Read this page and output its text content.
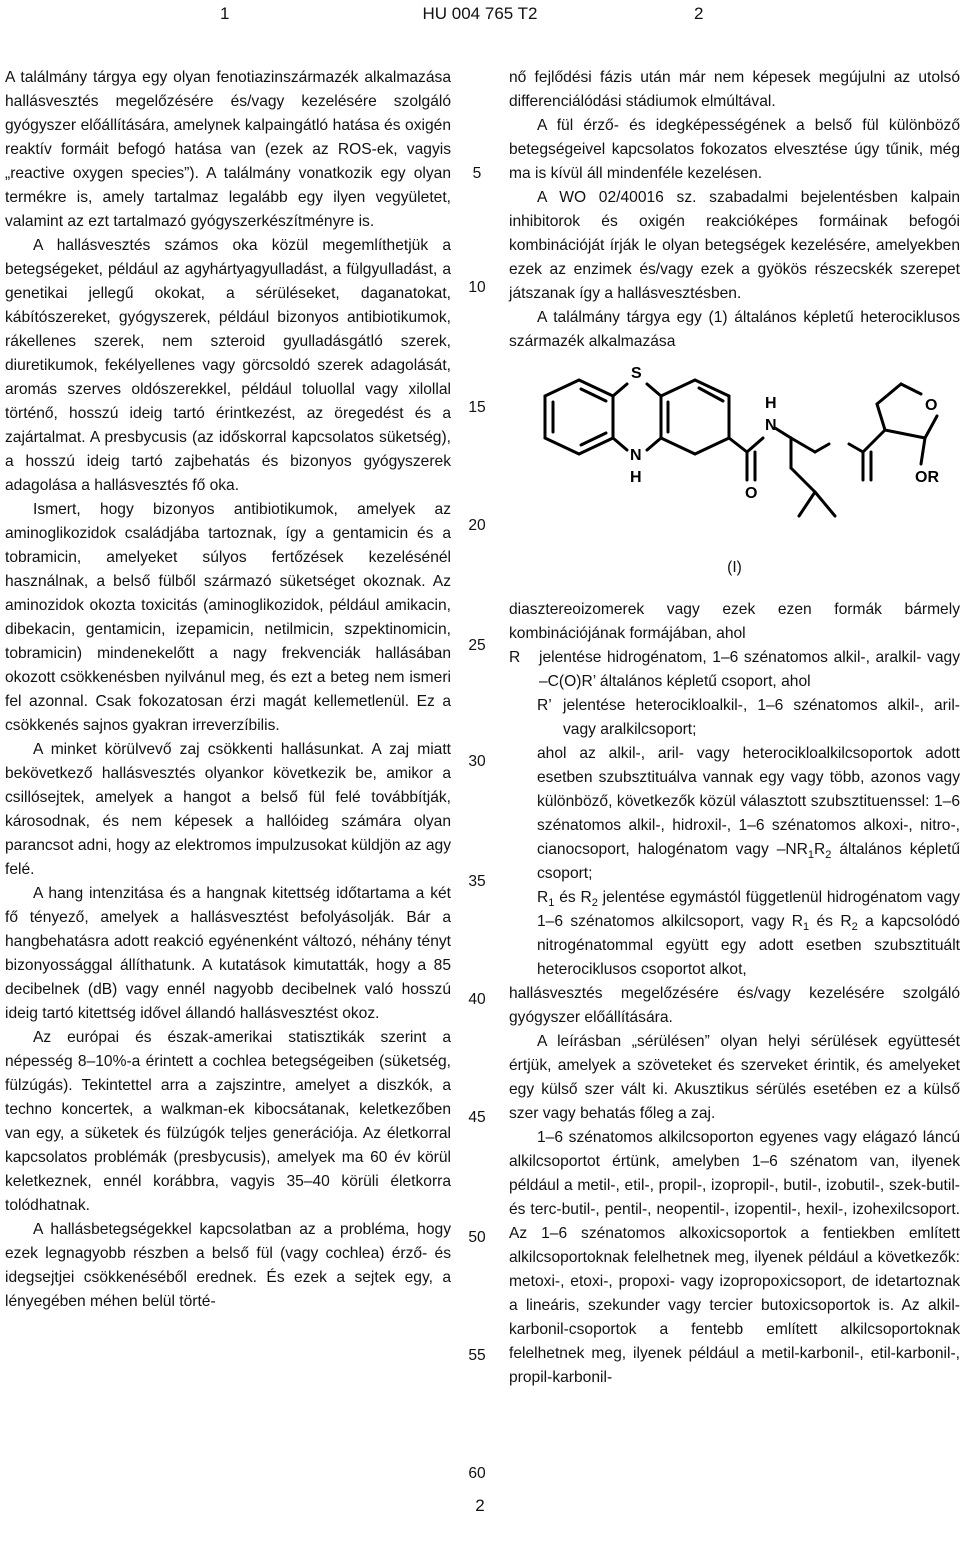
1	HU 004 765 T2	2

A találmány tárgya egy olyan fenotiazinszármazék alkalmazása hallásvesztés megelőzésére és/vagy kezelésére szolgáló gyógyszer előállítására, amelynek kalpaingátló hatása és oxigén reaktív formáit befogó hatása van (ezek az ROS-ek, vagyis „reactive oxygen species”). A találmány vonatkozik egy olyan termékre is, amely tartalmaz legalább egy ilyen vegyületet, valamint az ezt tartalmazó gyógyszerkészítményre is.

A hallásvesztés számos oka közül megemlíthetjük a betegségeket, például az agyhártyagyulladást, a fülgyulladást, a genetikai jellegű okokat, a sérüléseket, daganatokat, kábítószereket, gyógyszerek, például bizonyos antibiotikumok, rákellenes szerek, nem szteroid gyulladásgátló szerek, diuretikumok, fekélyellenes vagy görcsoldó szerek adagolását, aromás szerves oldószerekkel, például toluollal vagy xilollal történő, hosszú ideig tartó érintkezést, az öregedést és a zajártalmat. A presbycusis (az időskorral kapcsolatos süketség), a hosszú ideig tartó zajbehatás és bizonyos gyógyszerek adagolása a hallásvesztés fő oka.

Ismert, hogy bizonyos antibiotikumok, amelyek az aminoglikozidok családjába tartoznak, így a gentamicin és a tobramicin, amelyeket súlyos fertőzések kezelésénél használnak, a belső fülből származó süketséget okoznak. Az aminozidok okozta toxicitás (aminoglikozidok, például amikacin, dibekacin, gentamicin, izepamicin, netilmicin, szpektinomicin, tobramicin) mindenekelőtt a nagy frekvenciák hallásában okozott csökkenésben nyilvánul meg, és ezt a beteg nem ismeri fel azonnal. Csak fokozatosan érzi magát kellemetlenül. Ez a csökkenés sajnos gyakran irreverzíbilis.

A minket körülvevő zaj csökkenti hallásunkat. A zaj miatt bekövetkező hallásvesztés olyankor következik be, amikor a csillósejtek, amelyek a hangot a belső fül felé továbbítják, károsodnak, és nem képesek a hallóideg számára olyan parancsot adni, hogy az elektromos impulzusokat küldjön az agy felé.

A hang intenzitása és a hangnak kitettség időtartama a két fő tényező, amelyek a hallásvesztést befolyásolják. Bár a hangbehatásra adott reakció egyénenként változó, néhány tényt bizonyossággal állíthatunk. A kutatások kimutatták, hogy a 85 decibelnek (dB) vagy ennél nagyobb decibelnek való hosszú ideig tartó kitettség idővel állandó hallásvesztést okoz.

Az európai és észak-amerikai statisztikák szerint a népesség 8–10%-a érintett a cochlea betegségeiben (süketség, fülzúgás). Tekintettel arra a zajszintre, amelyet a diszkók, a techno koncertek, a walkman-ek kibocsátanak, keletkezőben van egy, a süketek és fülzúgók teljes generációja. Az életkorral kapcsolatos problémák (presbycusis), amelyek ma 60 év körül keletkeznek, ennél korábbra, vagyis 35–40 körüli életkorra tolódhatnak.

A hallásbetegségekkel kapcsolatban az a probléma, hogy ezek legnagyobb részben a belső fül (vagy cochlea) érző- és idegsejtjei csökkenéséből erednek. És ezek a sejtek egy, a lényegében méhen belül törté-

5
10
15
20
25
30
35
40
45
50
55
60

nő fejlődési fázis után már nem képesek megújulni az utolsó differenciálódási stádiumok elmúltával.

A fül érző- és idegképességének a belső fül különböző betegségeivel kapcsolatos fokozatos elvesztése úgy tűnik, még ma is kívül áll mindenféle kezelésen.

A WO 02/40016 sz. szabadalmi bejelentésben kalpain inhibitorok és oxigén reakcióképes formáinak befogói kombinációját írják le olyan betegségek kezelésére, amelyekben ezek az enzimek és/vagy ezek a gyökös részecskék szerepet játszanak így a hallásvesztésben.

A találmány tárgya egy (1) általános képletű heterociklusos származék alkalmazása

S
N
H
N
H
O
O
OR
(I)

diasztereoizomerek vagy ezek ezen formák bármely kombinációjának formájában, ahol

R	jelentése hidrogénatom, 1–6 szénatomos alkil-, aralkil- vagy –C(O)R’ általános képletű csoport, ahol
R’ jelentése heterocikloalkil-, 1–6 szénatomos alkil-, aril- vagy aralkilcsoport;

ahol az alkil-, aril- vagy heterocikloalkilcsoportok adott esetben szubsztituálva vannak egy vagy több, azonos vagy különböző, következők közül választott szubsztituenssel: 1–6 szénatomos alkil-, hidroxil-, 1–6 szénatomos alkoxi-, nitro-, cianocsoport, halogénatom vagy $-NR_1R_2$ általános képletű csoport;

$R_1$ és $R_2$ jelentése egymástól függetlenül hidrogénatom vagy 1–6 szénatomos alkilcsoport, vagy $R_1$ és $R_2$ a kapcsolódó nitrogénatommal együtt egy adott esetben szubsztituált heterociklusos csoportot alkot,

hallásvesztés megelőzésére és/vagy kezelésére szolgáló gyógyszer előállítására.

A leírásban „sérülésen” olyan helyi sérülések együttesét értjük, amelyek a szöveteket és szerveket érintik, és amelyeket egy külső szer vált ki. Akusztikus sérülés esetében ez a külső szer vagy behatás főleg a zaj.

1–6 szénatomos alkilcsoporton egyenes vagy elágazó láncú alkilcsoportot értünk, amelyben 1–6 szénatom van, ilyenek például a metil-, etil-, propil-, izopropil-, butil-, izobutil-, szek-butil- és terc-butil-, pentil-, neopentil-, izopentil-, hexil-, izohexilcsoport. Az 1–6 szénatomos alkoxicsoportok a fentiekben említett alkilcsoportoknak felelhetnek meg, ilyenek például a következők: metoxi-, etoxi-, propoxi- vagy izopropoxicsoport, de idetartoznak a lineáris, szekunder vagy tercier butoxicsoportok is. Az alkil-karbonil-csoportok a fentebb említett alkilcsoportoknak felelhetnek meg, ilyenek például a metil-karbonil-, etil-karbonil-, propil-karbonil-

2
